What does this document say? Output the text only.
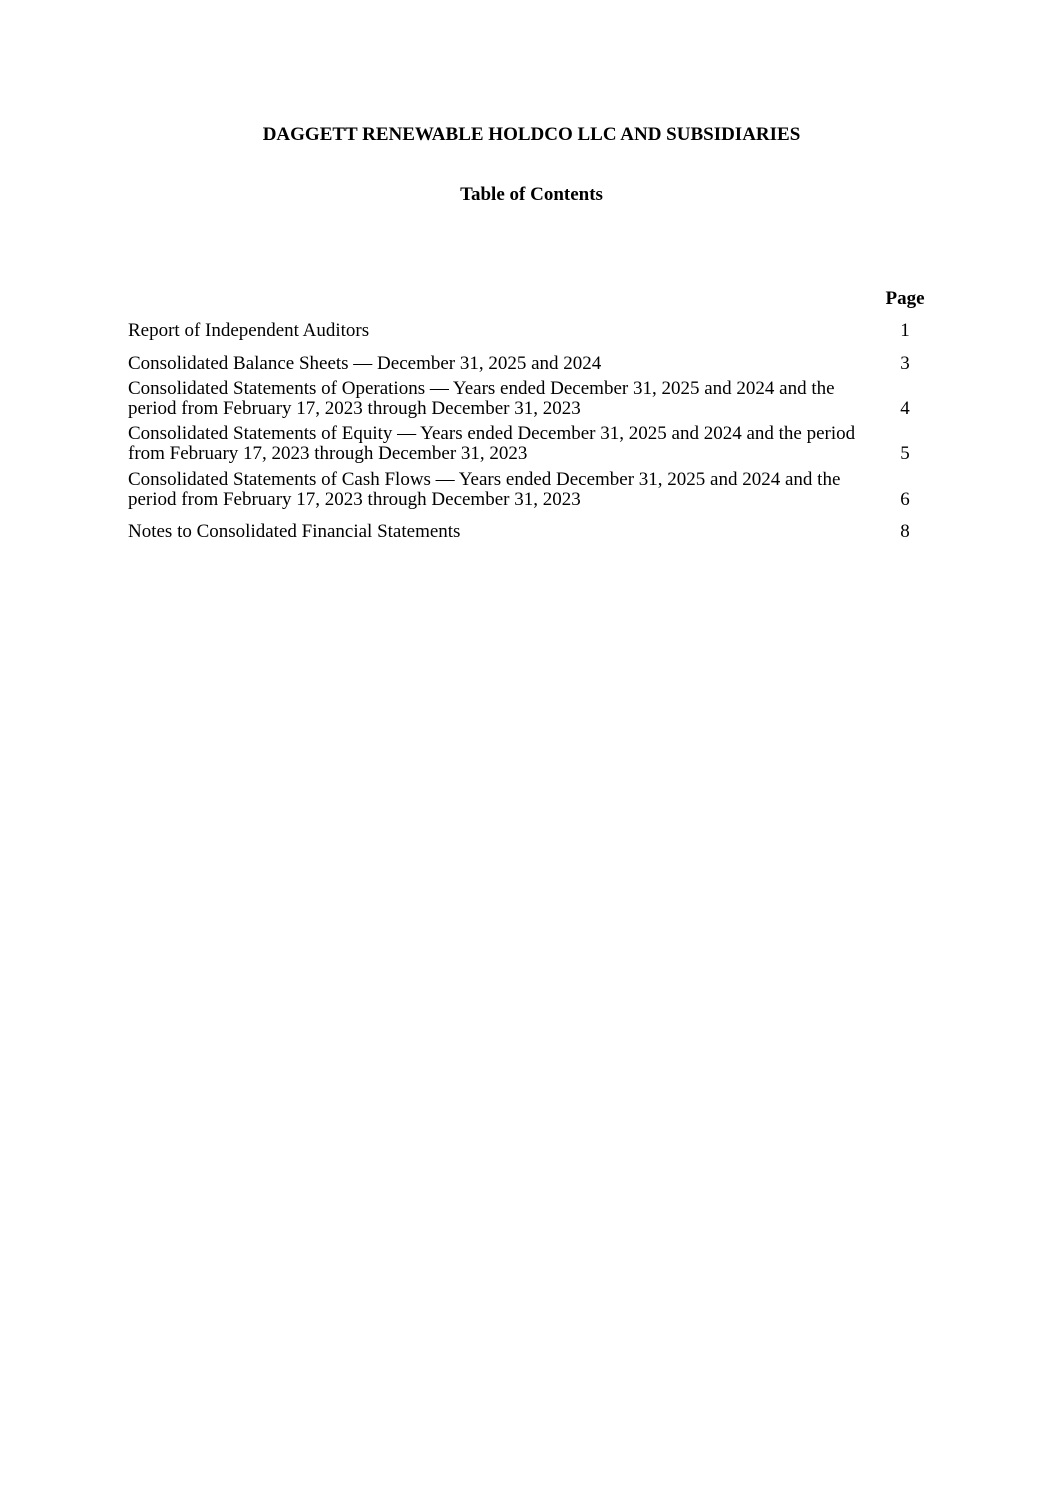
DAGGETT RENEWABLE HOLDCO LLC AND SUBSIDIARIES
Table of Contents
Page
Report of Independent Auditors	1
Consolidated Balance Sheets — December 31, 2025 and 2024	3
Consolidated Statements of Operations — Years ended December 31, 2025 and 2024 and the period from February 17, 2023 through December 31, 2023	4
Consolidated Statements of Equity — Years ended December 31, 2025 and 2024 and the period from February 17, 2023 through December 31, 2023	5
Consolidated Statements of Cash Flows — Years ended December 31, 2025 and 2024 and the period from February 17, 2023 through December 31, 2023	6
Notes to Consolidated Financial Statements	8
